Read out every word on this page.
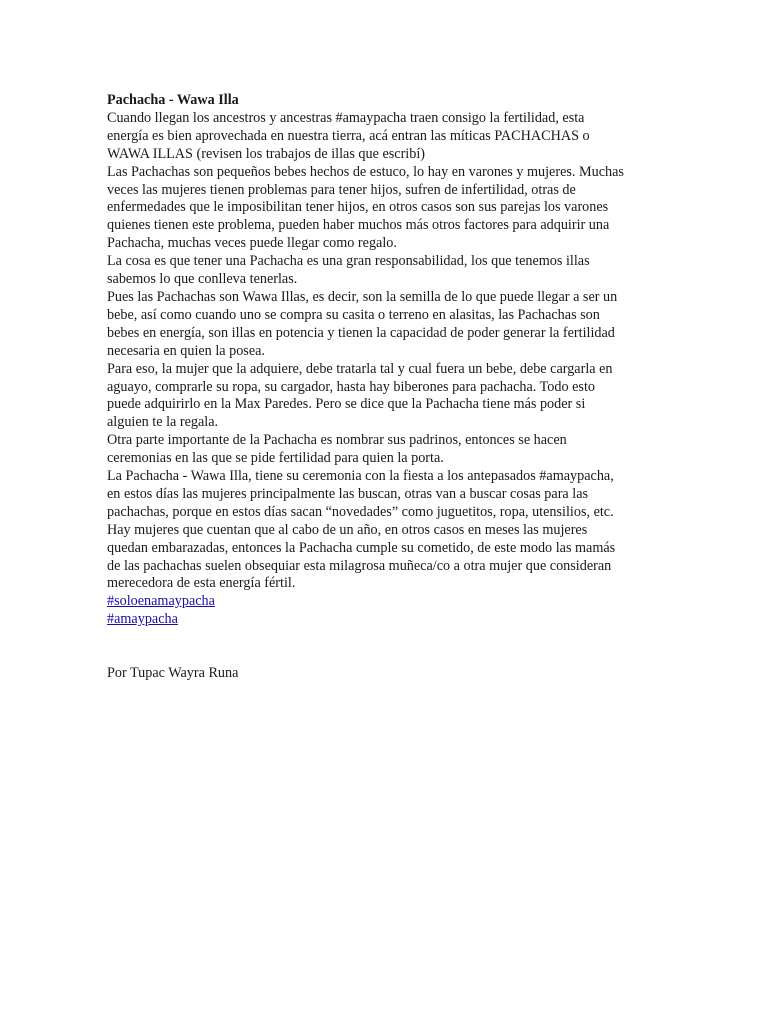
Pachacha - Wawa Illa

Cuando llegan los ancestros y ancestras #amaypacha traen consigo la fertilidad, esta
energía es bien aprovechada en nuestra tierra, acá entran las míticas PACHACHAS o
WAWA ILLAS (revisen los trabajos de illas que escribí)
Las Pachachas son pequeños bebes hechos de estuco, lo hay en varones y mujeres. Muchas
veces las mujeres tienen problemas para tener hijos, sufren de infertilidad, otras de
enfermedades que le imposibilitan tener hijos, en otros casos son sus parejas los varones
quienes tienen este problema, pueden haber muchos más otros factores para adquirir una
Pachacha, muchas veces puede llegar como regalo.
La cosa es que tener una Pachacha es una gran responsabilidad, los que tenemos illas
sabemos lo que conlleva tenerlas.
Pues las Pachachas son Wawa Illas, es decir, son la semilla de lo que puede llegar a ser un
bebe, así como cuando uno se compra su casita o terreno en alasitas, las Pachachas son
bebes en energía, son illas en potencia y tienen la capacidad de poder generar la fertilidad
necesaria en quien la posea.
Para eso, la mujer que la adquiere, debe tratarla tal y cual fuera un bebe, debe cargarla en
aguayo, comprarle su ropa, su cargador, hasta hay biberones para pachacha. Todo esto
puede adquirirlo en la Max Paredes. Pero se dice que la Pachacha tiene más poder si
alguien te la regala.
Otra parte importante de la Pachacha es nombrar sus padrinos, entonces se hacen
ceremonias en las que se pide fertilidad para quien la porta.
La Pachacha - Wawa Illa, tiene su ceremonia con la fiesta a los antepasados #amaypacha,
en estos días las mujeres principalmente las buscan, otras van a buscar cosas para las
pachachas, porque en estos días sacan “novedades” como juguetitos, ropa, utensilios, etc.
Hay mujeres que cuentan que al cabo de un año, en otros casos en meses las mujeres
quedan embarazadas, entonces la Pachacha cumple su cometido, de este modo las mamás
de las pachachas suelen obsequiar esta milagrosa muñeca/co a otra mujer que consideran
merecedora de esta energía fértil.
#soloenamaypacha
#amaypacha

Por Tupac Wayra Runa
